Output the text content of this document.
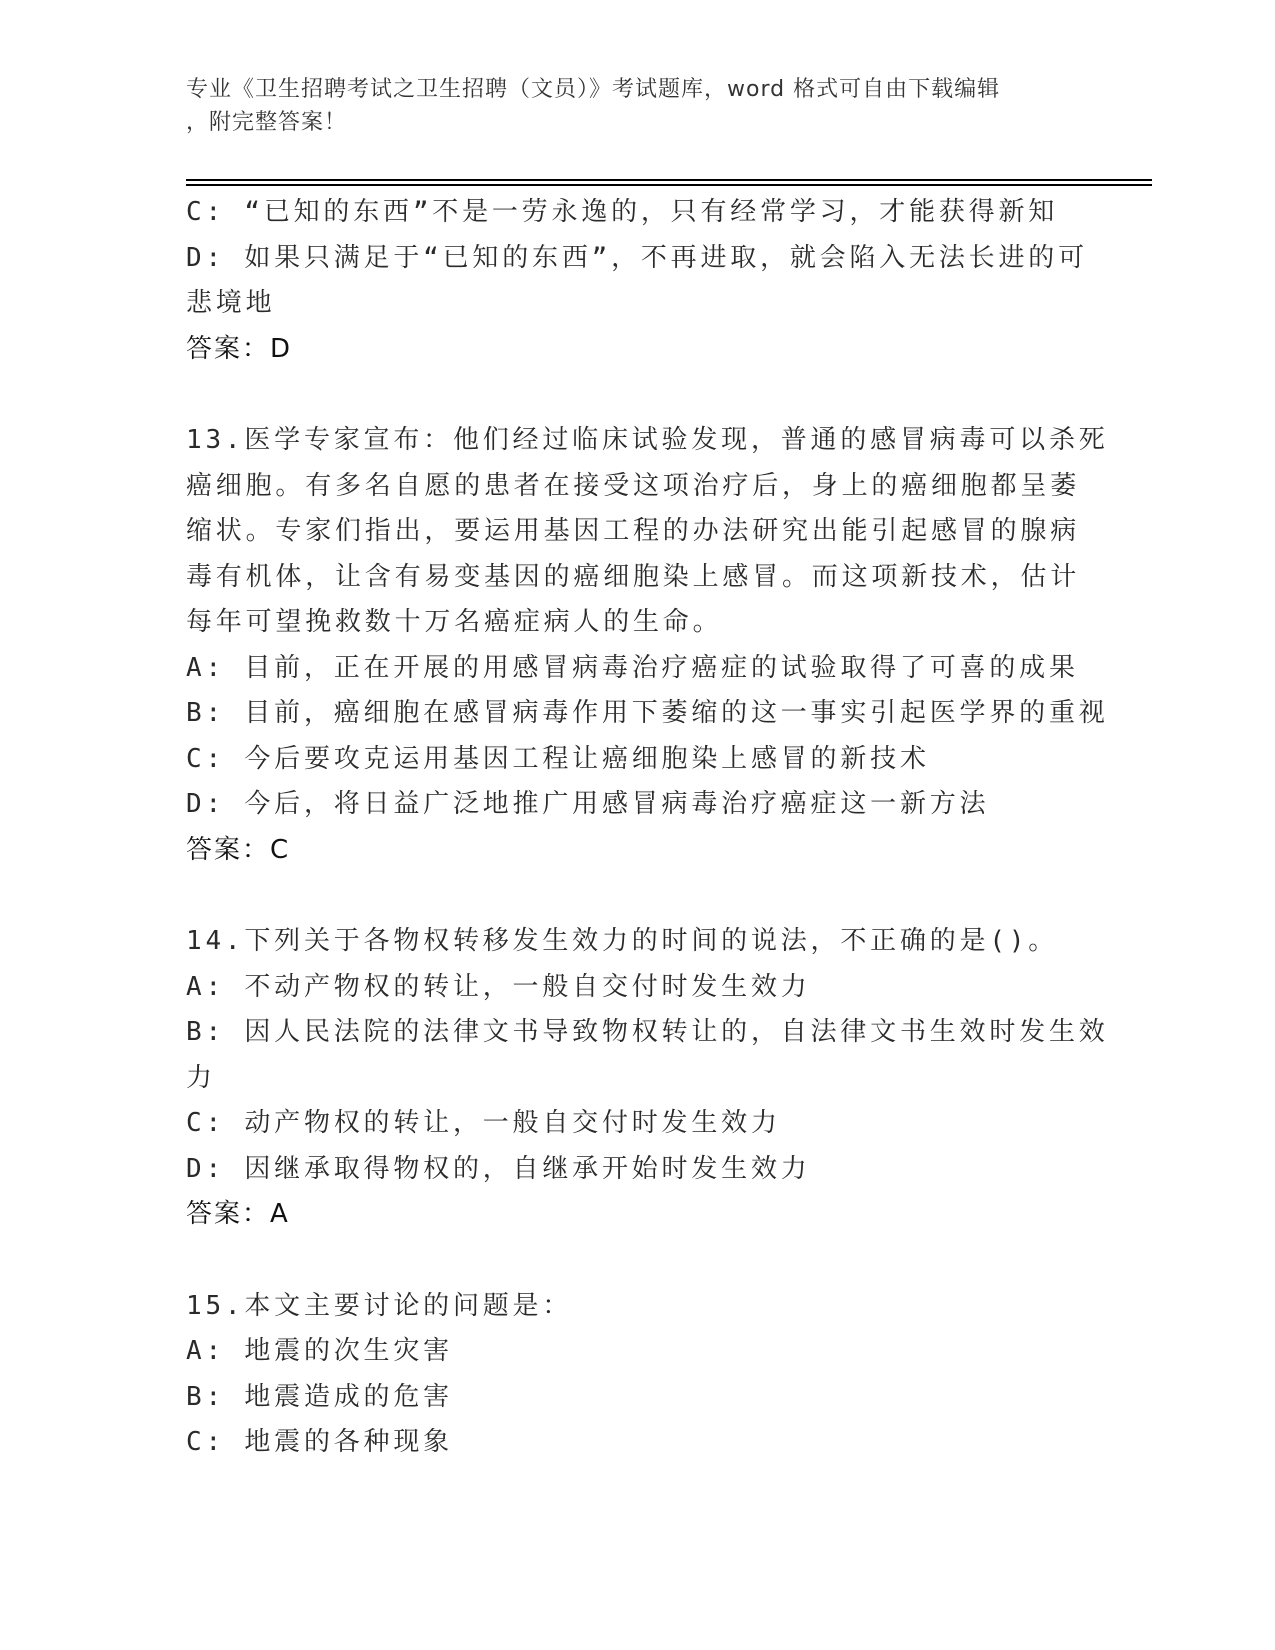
专业《卫生招聘考试之卫生招聘（文员）》考试题库，word 格式可自由下载编辑
，附完整答案！
C: “已知的东西”不是一劳永逸的，只有经常学习，才能获得新知
D: 如果只满足于“已知的东西”，不再进取，就会陷入无法长进的可
悲境地
答案：D
13.医学专家宣布：他们经过临床试验发现，普通的感冒病毒可以杀死
癌细胞。有多名自愿的患者在接受这项治疗后，身上的癌细胞都呈萎
缩状。专家们指出，要运用基因工程的办法研究出能引起感冒的腺病
毒有机体，让含有易变基因的癌细胞染上感冒。而这项新技术，估计
每年可望挽救数十万名癌症病人的生命。
A: 目前，正在开展的用感冒病毒治疗癌症的试验取得了可喜的成果
B: 目前，癌细胞在感冒病毒作用下萎缩的这一事实引起医学界的重视
C: 今后要攻克运用基因工程让癌细胞染上感冒的新技术
D: 今后，将日益广泛地推广用感冒病毒治疗癌症这一新方法
答案：C
14.下列关于各物权转移发生效力的时间的说法，不正确的是()。
A: 不动产物权的转让，一般自交付时发生效力
B: 因人民法院的法律文书导致物权转让的，自法律文书生效时发生效
力
C: 动产物权的转让，一般自交付时发生效力
D: 因继承取得物权的，自继承开始时发生效力
答案：A
15.本文主要讨论的问题是：
A: 地震的次生灾害
B: 地震造成的危害
C: 地震的各种现象
